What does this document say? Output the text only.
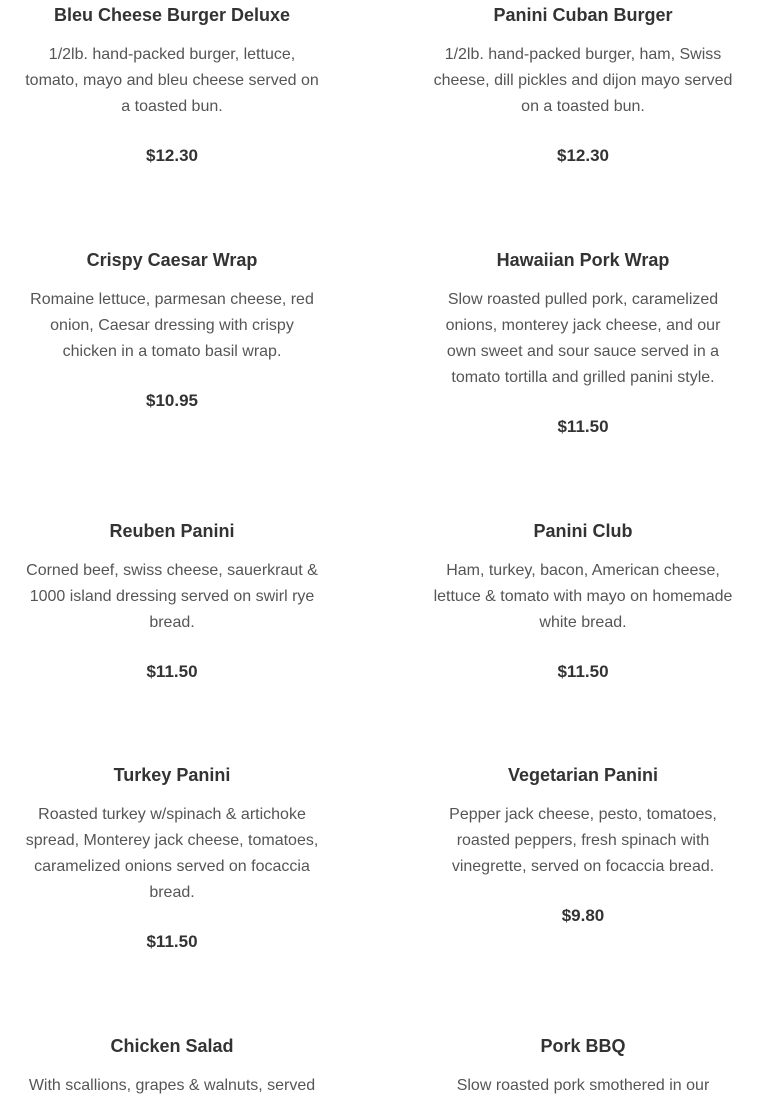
Bleu Cheese Burger Deluxe

1/2lb. hand-packed burger, lettuce, tomato, mayo and bleu cheese served on a toasted bun.

$12.30

Panini Cuban Burger

1/2lb. hand-packed burger, ham, Swiss cheese, dill pickles and dijon mayo served on a toasted bun.

$12.30

Crispy Caesar Wrap

Romaine lettuce, parmesan cheese, red onion, Caesar dressing with crispy chicken in a tomato basil wrap.

$10.95

Hawaiian Pork Wrap

Slow roasted pulled pork, caramelized onions, monterey jack cheese, and our own sweet and sour sauce served in a tomato tortilla and grilled panini style.

$11.50

Reuben Panini

Corned beef, swiss cheese, sauerkraut & 1000 island dressing served on swirl rye bread.

$11.50

Panini Club

Ham, turkey, bacon, American cheese, lettuce & tomato with mayo on homemade white bread.

$11.50

Turkey Panini

Roasted turkey w/spinach & artichoke spread, Monterey jack cheese, tomatoes, caramelized onions served on focaccia bread.

$11.50

Vegetarian Panini

Pepper jack cheese, pesto, tomatoes, roasted peppers, fresh spinach with vinegrette, served on focaccia bread.

$9.80

Chicken Salad

With scallions, grapes & walnuts, served

Pork BBQ

Slow roasted pork smothered in our
